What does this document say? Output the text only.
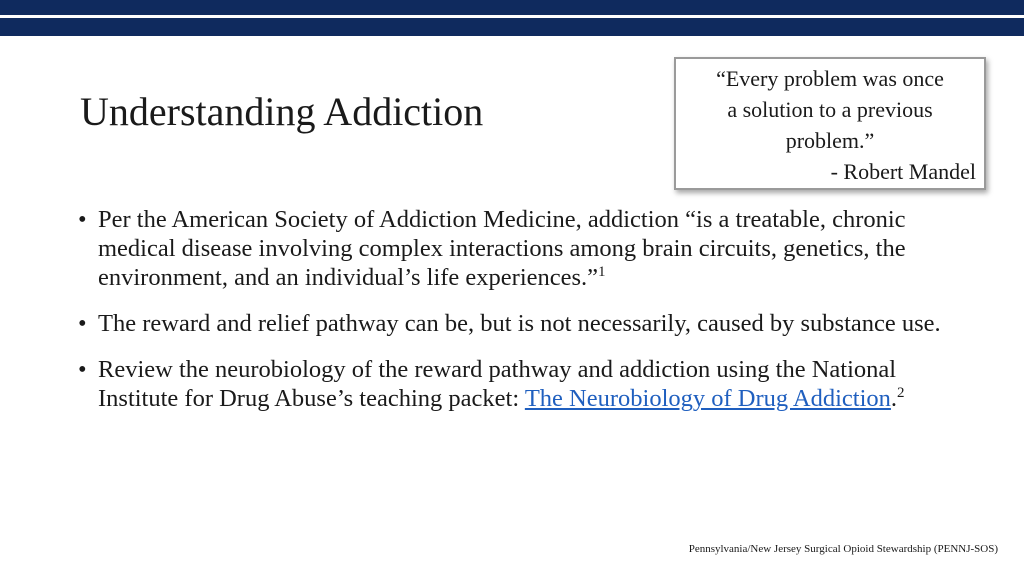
Understanding Addiction
“Every problem was once
a solution to a previous
problem.”
- Robert Mandel
• Per the American Society of Addiction Medicine, addiction “is a treatable, chronic medical disease involving complex interactions among brain circuits, genetics, the environment, and an individual’s life experiences.”$^1$
• The reward and relief pathway can be, but is not necessarily, caused by substance use.
• Review the neurobiology of the reward pathway and addiction using the National Institute for Drug Abuse’s teaching packet: The Neurobiology of Drug Addiction.$^2$
Pennsylvania/New Jersey Surgical Opioid Stewardship (PENNJ-SOS)
